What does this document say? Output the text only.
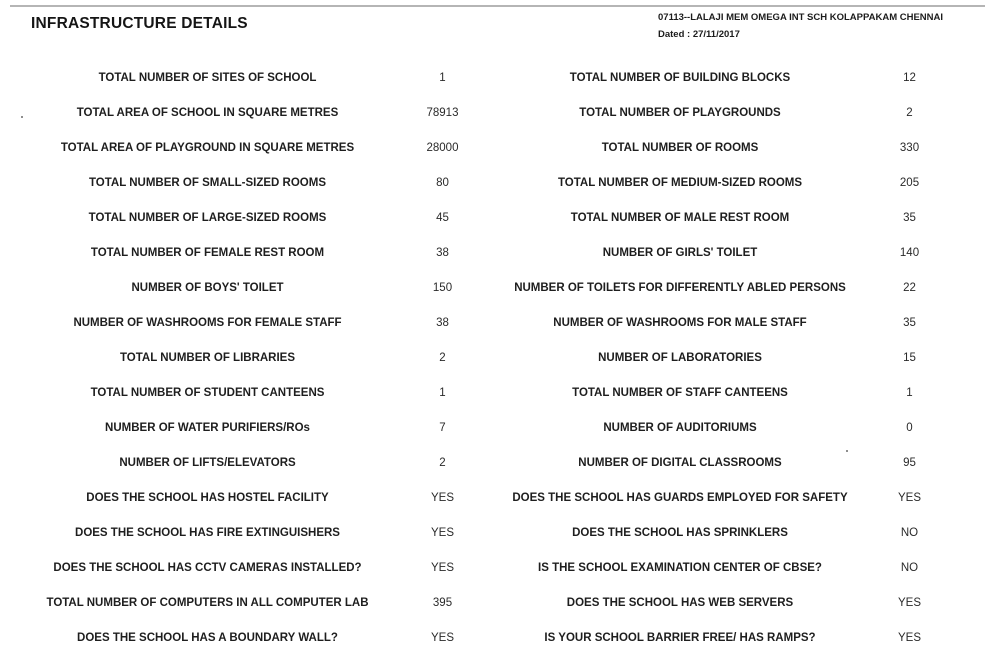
INFRASTRUCTURE DETAILS	07113--LALAJI MEM OMEGA INT SCH KOLAPPAKAM CHENNAI
Dated : 27/11/2017
TOTAL NUMBER OF SITES OF SCHOOL	1	TOTAL NUMBER OF BUILDING BLOCKS	12
TOTAL AREA OF SCHOOL IN SQUARE METRES	78913	TOTAL NUMBER OF PLAYGROUNDS	2
TOTAL AREA OF PLAYGROUND IN SQUARE METRES	28000	TOTAL NUMBER OF ROOMS	330
TOTAL NUMBER OF SMALL-SIZED ROOMS	80	TOTAL NUMBER OF MEDIUM-SIZED ROOMS	205
TOTAL NUMBER OF LARGE-SIZED ROOMS	45	TOTAL NUMBER OF MALE REST ROOM	35
TOTAL NUMBER OF FEMALE REST ROOM	38	NUMBER OF GIRLS' TOILET	140
NUMBER OF BOYS' TOILET	150	NUMBER OF TOILETS FOR DIFFERENTLY ABLED PERSONS	22
NUMBER OF WASHROOMS FOR FEMALE STAFF	38	NUMBER OF WASHROOMS FOR MALE STAFF	35
TOTAL NUMBER OF LIBRARIES	2	NUMBER OF LABORATORIES	15
TOTAL NUMBER OF STUDENT CANTEENS	1	TOTAL NUMBER OF STAFF CANTEENS	1
NUMBER OF WATER PURIFIERS/ROs	7	NUMBER OF AUDITORIUMS	0
NUMBER OF LIFTS/ELEVATORS	2	NUMBER OF DIGITAL CLASSROOMS	95
DOES THE SCHOOL HAS HOSTEL FACILITY	YES	DOES THE SCHOOL HAS GUARDS EMPLOYED FOR SAFETY	YES
DOES THE SCHOOL HAS FIRE EXTINGUISHERS	YES	DOES THE SCHOOL HAS SPRINKLERS	NO
DOES THE SCHOOL HAS CCTV CAMERAS INSTALLED?	YES	IS THE SCHOOL EXAMINATION CENTER OF CBSE?	NO
TOTAL NUMBER OF COMPUTERS IN ALL COMPUTER LAB	395	DOES THE SCHOOL HAS WEB SERVERS	YES
DOES THE SCHOOL HAS A BOUNDARY WALL?	YES	IS YOUR SCHOOL BARRIER FREE/ HAS RAMPS?	YES
